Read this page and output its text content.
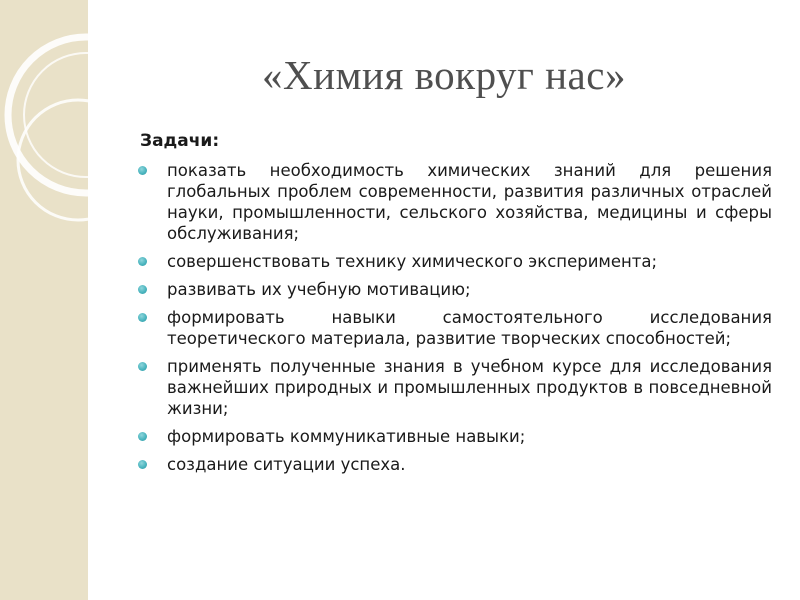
«Химия вокруг нас»
Задачи:
показать необходимость химических знаний для решения глобальных проблем современности, развития различных отраслей науки, промышленности, сельского хозяйства, медицины и сферы обслуживания;
совершенствовать технику химического эксперимента;
развивать их учебную мотивацию;
формировать навыки самостоятельного исследования теоретического материала, развитие творческих способностей;
применять полученные знания в учебном курсе для исследования важнейших природных и промышленных продуктов в повседневной жизни;
формировать коммуникативные навыки;
создание ситуации успеха.
